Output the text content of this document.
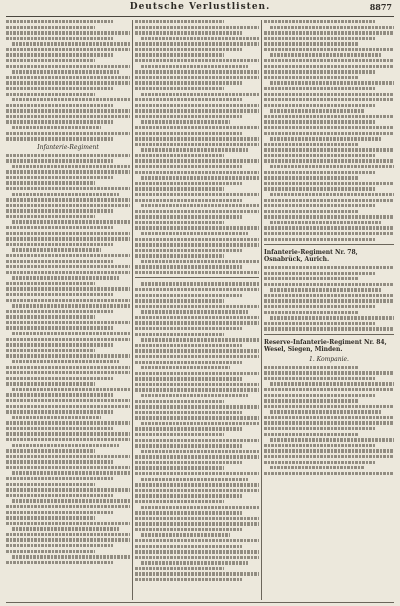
Deutsche Verlustlisten.	8877
Infanterie-Regiment
Infanterie-Regiment Nr. 78, Osnabrück, Aurich.
Reserve-Infanterie-Regiment Nr. 84, Wesel, Siegen, Minden.
1. Kompanie.
